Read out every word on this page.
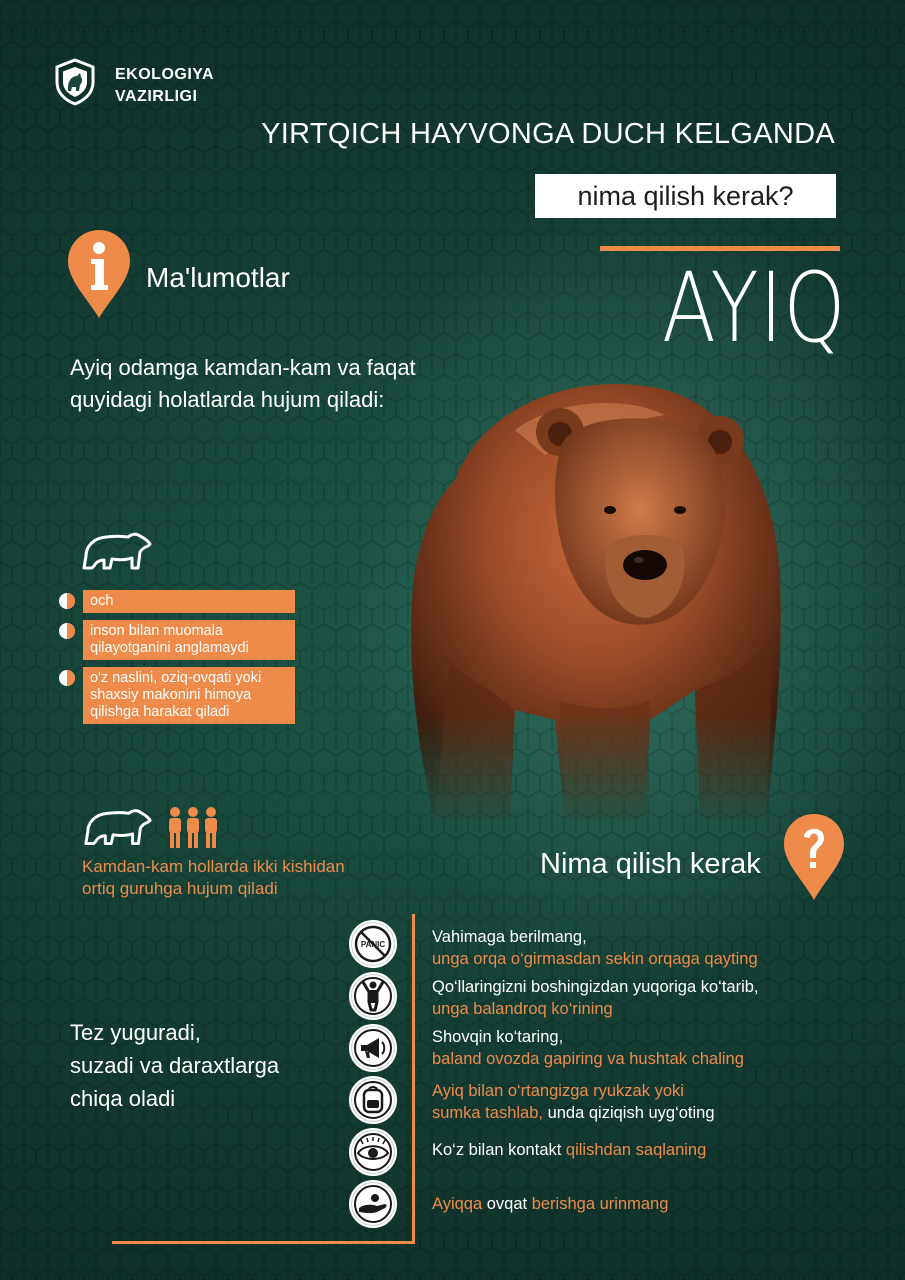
EKOLOGIYA
VAZIRLIGI
YIRTQICH HAYVONGA DUCH KELGANDA
nima qilish kerak?
AYIQ
Ma'lumotlar
Ayiq odamga kamdan-kam va faqat quyidagi holatlarda hujum qiladi:
och
inson bilan muomala qilayotganini anglamaydi
o'z naslini, oziq-ovqati yoki shaxsiy makonini himoya qilishga harakat qiladi
Kamdan-kam hollarda ikki kishidan
ortiq guruhga hujum qiladi
Nima qilish kerak
Tez yuguradi,
suzadi va daraxtlarga
chiqa oladi
PANIC	Vahimaga berilmang,
unga orqa o‘girmasdan sekin orqaga qayting
Qo‘llaringizni boshingizdan yuqoriga ko‘tarib,
unga balandroq ko‘rining
Shovqin ko‘taring,
baland ovozda gapiring va hushtak chaling
Ayiq bilan o‘rtangizga ryukzak yoki
sumka tashlab, unda qiziqish uyg‘oting
Ko‘z bilan kontakt qilishdan saqlaning
Ayiqqa ovqat berishga urinmang
